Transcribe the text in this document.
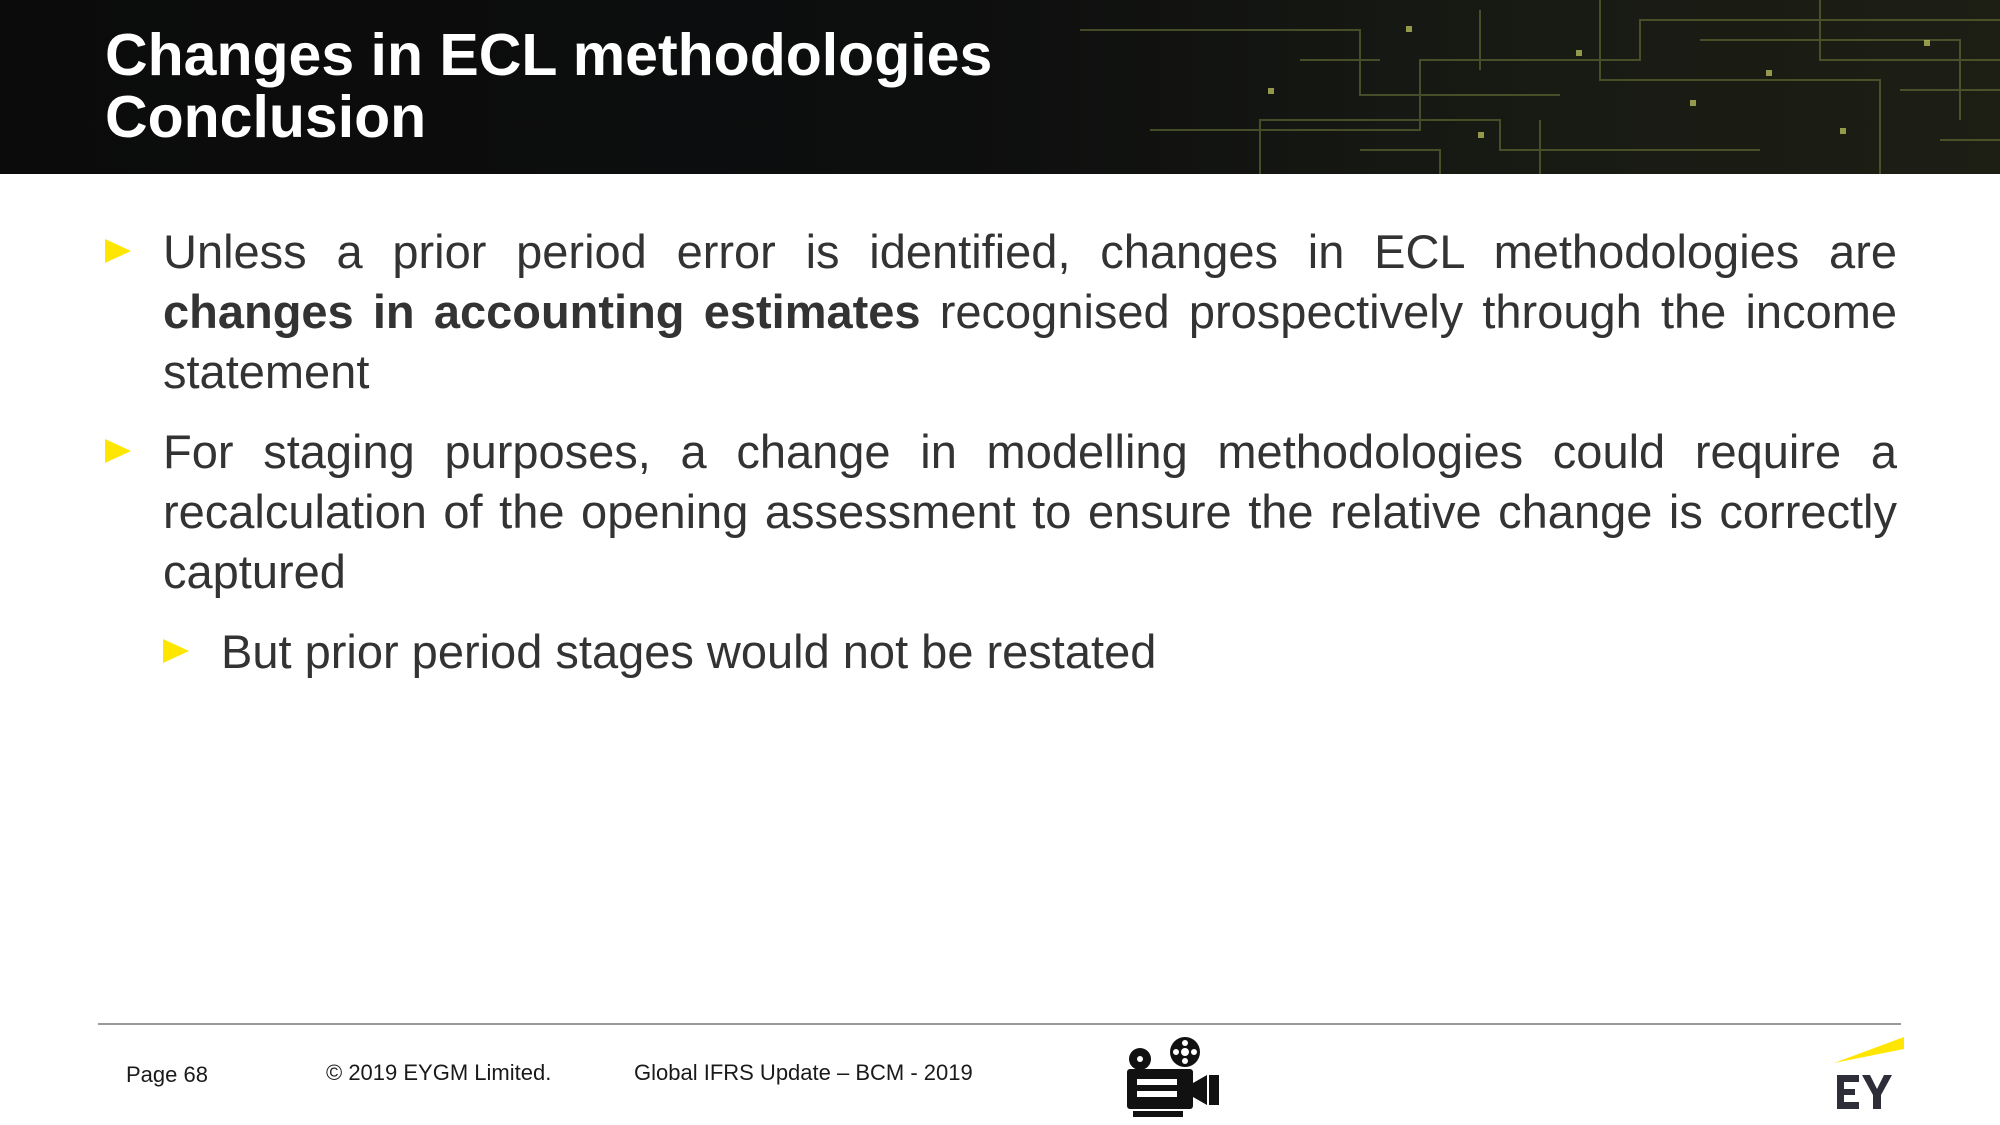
Changes in ECL methodologies
Conclusion

Unless a prior period error is identified, changes in ECL methodologies are changes in accounting estimates recognised prospectively through the income statement

For staging purposes, a change in modelling methodologies could require a recalculation of the opening assessment to ensure the relative change is correctly captured

But prior period stages would not be restated

Page 68	© 2019 EYGM Limited.	Global IFRS Update – BCM - 2019
